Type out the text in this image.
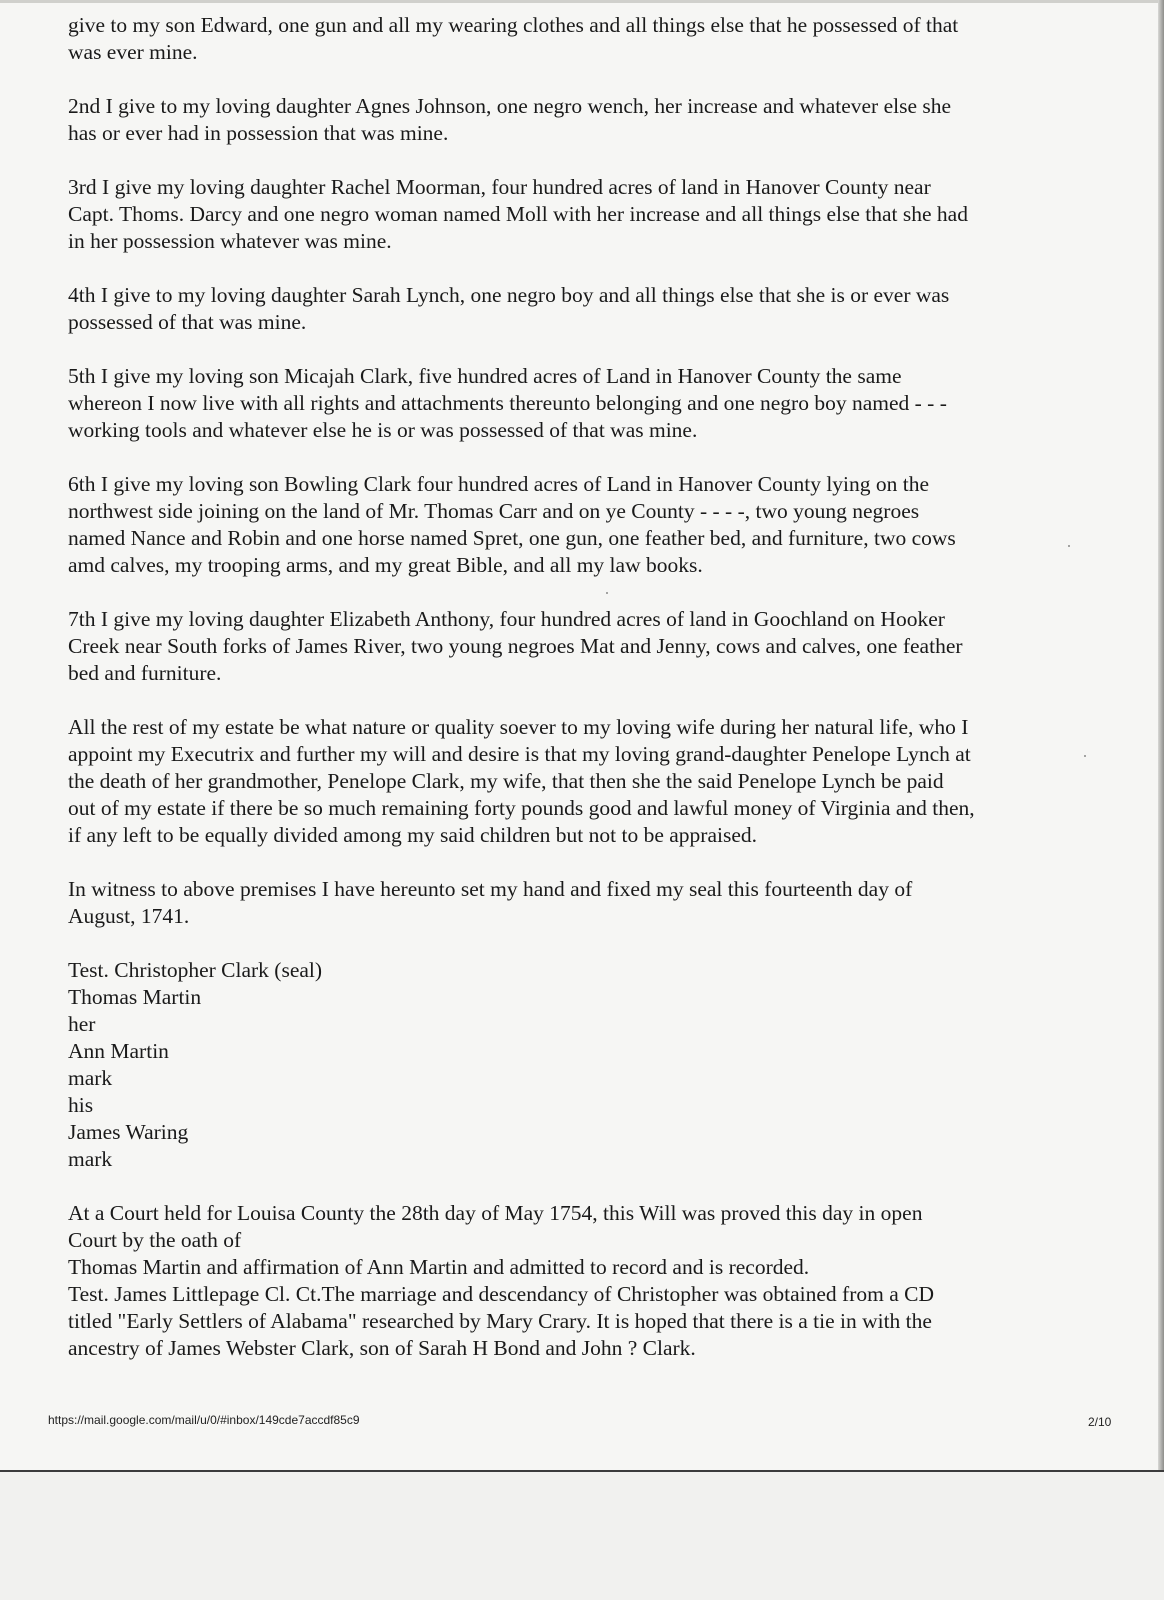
give to my son Edward, one gun and all my wearing clothes and all things else that he possessed of that
was ever mine.
2nd I give to my loving daughter Agnes Johnson, one negro wench, her increase and whatever else she
has or ever had in possession that was mine.
3rd I give my loving daughter Rachel Moorman, four hundred acres of land in Hanover County near
Capt. Thoms. Darcy and one negro woman named Moll with her increase and all things else that she had
in her possession whatever was mine.
4th I give to my loving daughter Sarah Lynch, one negro boy and all things else that she is or ever was
possessed of that was mine.
5th I give my loving son Micajah Clark, five hundred acres of Land in Hanover County the same
whereon I now live with all rights and attachments thereunto belonging and one negro boy named - - -
working tools and whatever else he is or was possessed of that was mine.
6th I give my loving son Bowling Clark four hundred acres of Land in Hanover County lying on the
northwest side joining on the land of Mr. Thomas Carr and on ye County - - - -, two young negroes
named Nance and Robin and one horse named Spret, one gun, one feather bed, and furniture, two cows
amd calves, my trooping arms, and my great Bible, and all my law books.
7th I give my loving daughter Elizabeth Anthony, four hundred acres of land in Goochland on Hooker
Creek near South forks of James River, two young negroes Mat and Jenny, cows and calves, one feather
bed and furniture.
All the rest of my estate be what nature or quality soever to my loving wife during her natural life, who I
appoint my Executrix and further my will and desire is that my loving grand-daughter Penelope Lynch at
the death of her grandmother, Penelope Clark, my wife, that then she the said Penelope Lynch be paid
out of my estate if there be so much remaining forty pounds good and lawful money of Virginia and then,
if any left to be equally divided among my said children but not to be appraised.
In witness to above premises I have hereunto set my hand and fixed my seal this fourteenth day of
August, 1741.
Test. Christopher Clark (seal)
Thomas Martin
her
Ann Martin
mark
his
James Waring
mark
At a Court held for Louisa County the 28th day of May 1754, this Will was proved this day in open
Court by the oath of
Thomas Martin and affirmation of Ann Martin and admitted to record and is recorded.
Test. James Littlepage Cl. Ct.The marriage and descendancy of Christopher was obtained from a CD
titled "Early Settlers of Alabama" researched by Mary Crary. It is hoped that there is a tie in with the
ancestry of James Webster Clark, son of Sarah H Bond and John ? Clark.
https://mail.google.com/mail/u/0/#inbox/149cde7accdf85c9	2/10
